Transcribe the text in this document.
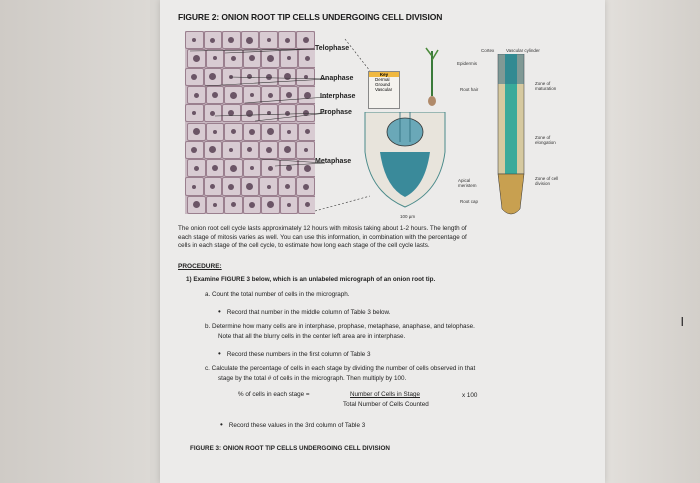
FIGURE 2: ONION ROOT TIP CELLS UNDERGOING CELL DIVISION
Telophase
Anaphase
Interphase
Prophase
Metaphase
Key
Dermal
Ground
Vascular
100 µm
Cortex	Vascular cylinder
Epidermis
Root hair
Zone of maturation
Zone of elongation
Zone of cell division
Apical meristem
Root cap
The onion root cell cycle lasts approximately 12 hours with mitosis taking about 1-2 hours. The length of
each stage of mitosis varies as well. You can use this information, in combination with the percentage of
cells in each stage of the cell cycle, to estimate how long each stage of the cell cycle lasts.
PROCEDURE:
1) Examine FIGURE 3 below, which is an unlabeled micrograph of an onion root tip.
a. Count the total number of cells in the micrograph.
• Record that number in the middle column of Table 3 below.
b. Determine how many cells are in interphase, prophase, metaphase, anaphase, and telophase.
Note that all the blurry cells in the center left area are in interphase.
• Record these numbers in the first column of Table 3
c. Calculate the percentage of cells in each stage by dividing the number of cells observed in that
stage by the total # of cells in the micrograph. Then multiply by 100.
% of cells in each stage =	Number of Cells in Stage
Total Number of Cells Counted
x 100
• Record these values in the 3rd column of Table 3
FIGURE 3: ONION ROOT TIP CELLS UNDERGOING CELL DIVISION
I
